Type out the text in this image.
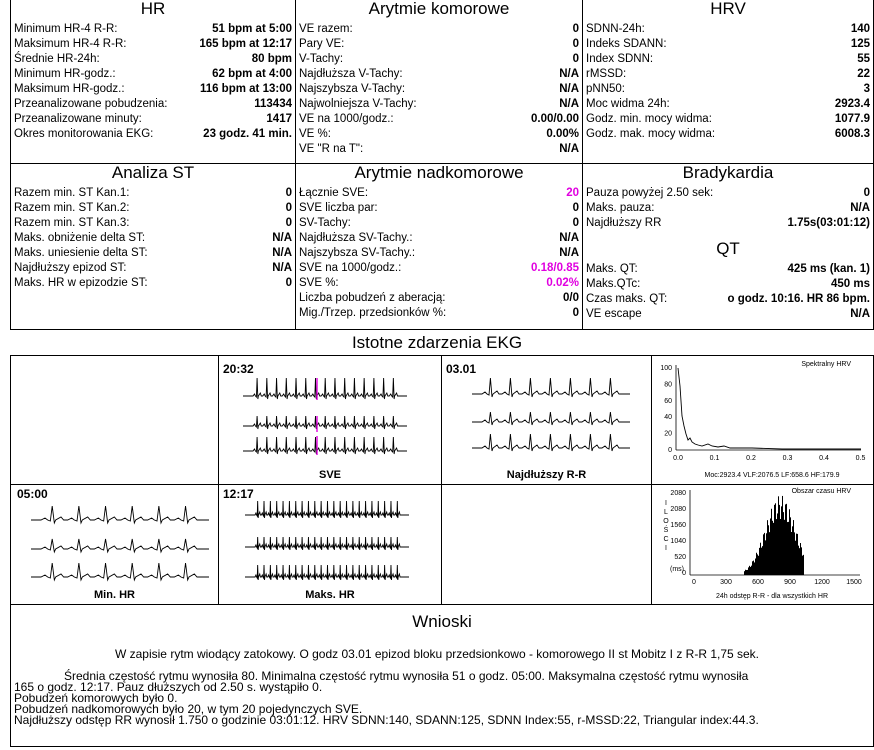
HR
Minimum HR-4 R-R:	51 bpm at 5:00
Maksimum HR-4 R-R:	165 bpm at 12:17
Średnie HR-24h:	80 bpm
Minimum HR-godz.:	62 bpm at 4:00
Maksimum HR-godz.:	116 bpm at 13:00
Przeanalizowane pobudzenia:	113434
Przeanalizowane minuty:	1417
Okres monitorowania EKG:	23 godz. 41 min.
Arytmie komorowe
VE razem:	0
Pary VE:	0
V-Tachy:	0
Najdłuższa V-Tachy:	N/A
Najszybsza V-Tachy:	N/A
Najwolniejsza V-Tachy:	N/A
VE na 1000/godz.:	0.00/0.00
VE %:	0.00%
VE "R na T":	N/A
HRV
SDNN-24h:	140
Indeks SDANN:	125
Index SDNN:	55
rMSSD:	22
pNN50:	3
Moc widma 24h:	2923.4
Godz. min. mocy widma:	1077.9
Godz. mak. mocy widma:	6008.3
Analiza ST
Razem min. ST Kan.1:	0
Razem min. ST Kan.2:	0
Razem min. ST Kan.3:	0
Maks. obniżenie delta ST:	N/A
Maks. uniesienie delta ST:	N/A
Najdłuższy epizod ST:	N/A
Maks. HR w epizodzie ST:	0
Arytmie nadkomorowe
Łącznie SVE:	20
SVE liczba par:	0
SV-Tachy:	0
Najdłuższa SV-Tachy.:	N/A
Najszybsza SV-Tachy.:	N/A
SVE na 1000/godz.:	0.18/0.85
SVE %:	0.02%
Liczba pobudzeń z aberacją:	0/0
Mig./Trzep. przedsionków %:	0
Bradykardia
Pauza powyżej 2.50 sek:	0
Maks. pauza:	N/A
Najdłuższy RR	1.75s(03:01:12)
QT
Maks. QT:	425 ms (kan. 1)
Maks.QTc:	450 ms
Czas maks. QT:	o godz. 10:16. HR 86 bpm.
VE escape	N/A
Istotne zdarzenia EKG
20:32
SVE
03.01
Najdłuższy R-R
Spektralny HRV
100
80
60
40
20
0
0.0	0.1	0.2	0.3	0.4	0.5
Moc:2923.4 VLF:2076.5 LF:658.6 HF:179.9
05:00
Min. HR
12:17
Maks. HR
Obszar czasu HRV
I
L
O
Ś
C
I
(ms)
2080
2080
1560
1040
520
0
0	300	600	900	1200 1500
24h odstęp R-R - dla wszystkich HR
Wnioski
W zapisie rytm wiodący zatokowy. O godz 03.01 epizod bloku przedsionkowo - komorowego II st Mobitz I z R-R 1,75 sek.
Średnia częstość rytmu wynosiła 80. Minimalna częstość rytmu wynosiła 51 o godz. 05:00. Maksymalna częstość rytmu wynosiła
165 o godz. 12:17. Pauz dłuższych od 2.50 s. wystąpiło 0.
Pobudzeń komorowych było 0.
Pobudzeń nadkomorowych było 20, w tym 20 pojedynczych SVE.
Najdłuższy odstęp RR wynosił 1.750 o godzinie 03:01:12. HRV SDNN:140, SDANN:125, SDNN Index:55, r-MSSD:22, Triangular index:44.3.
